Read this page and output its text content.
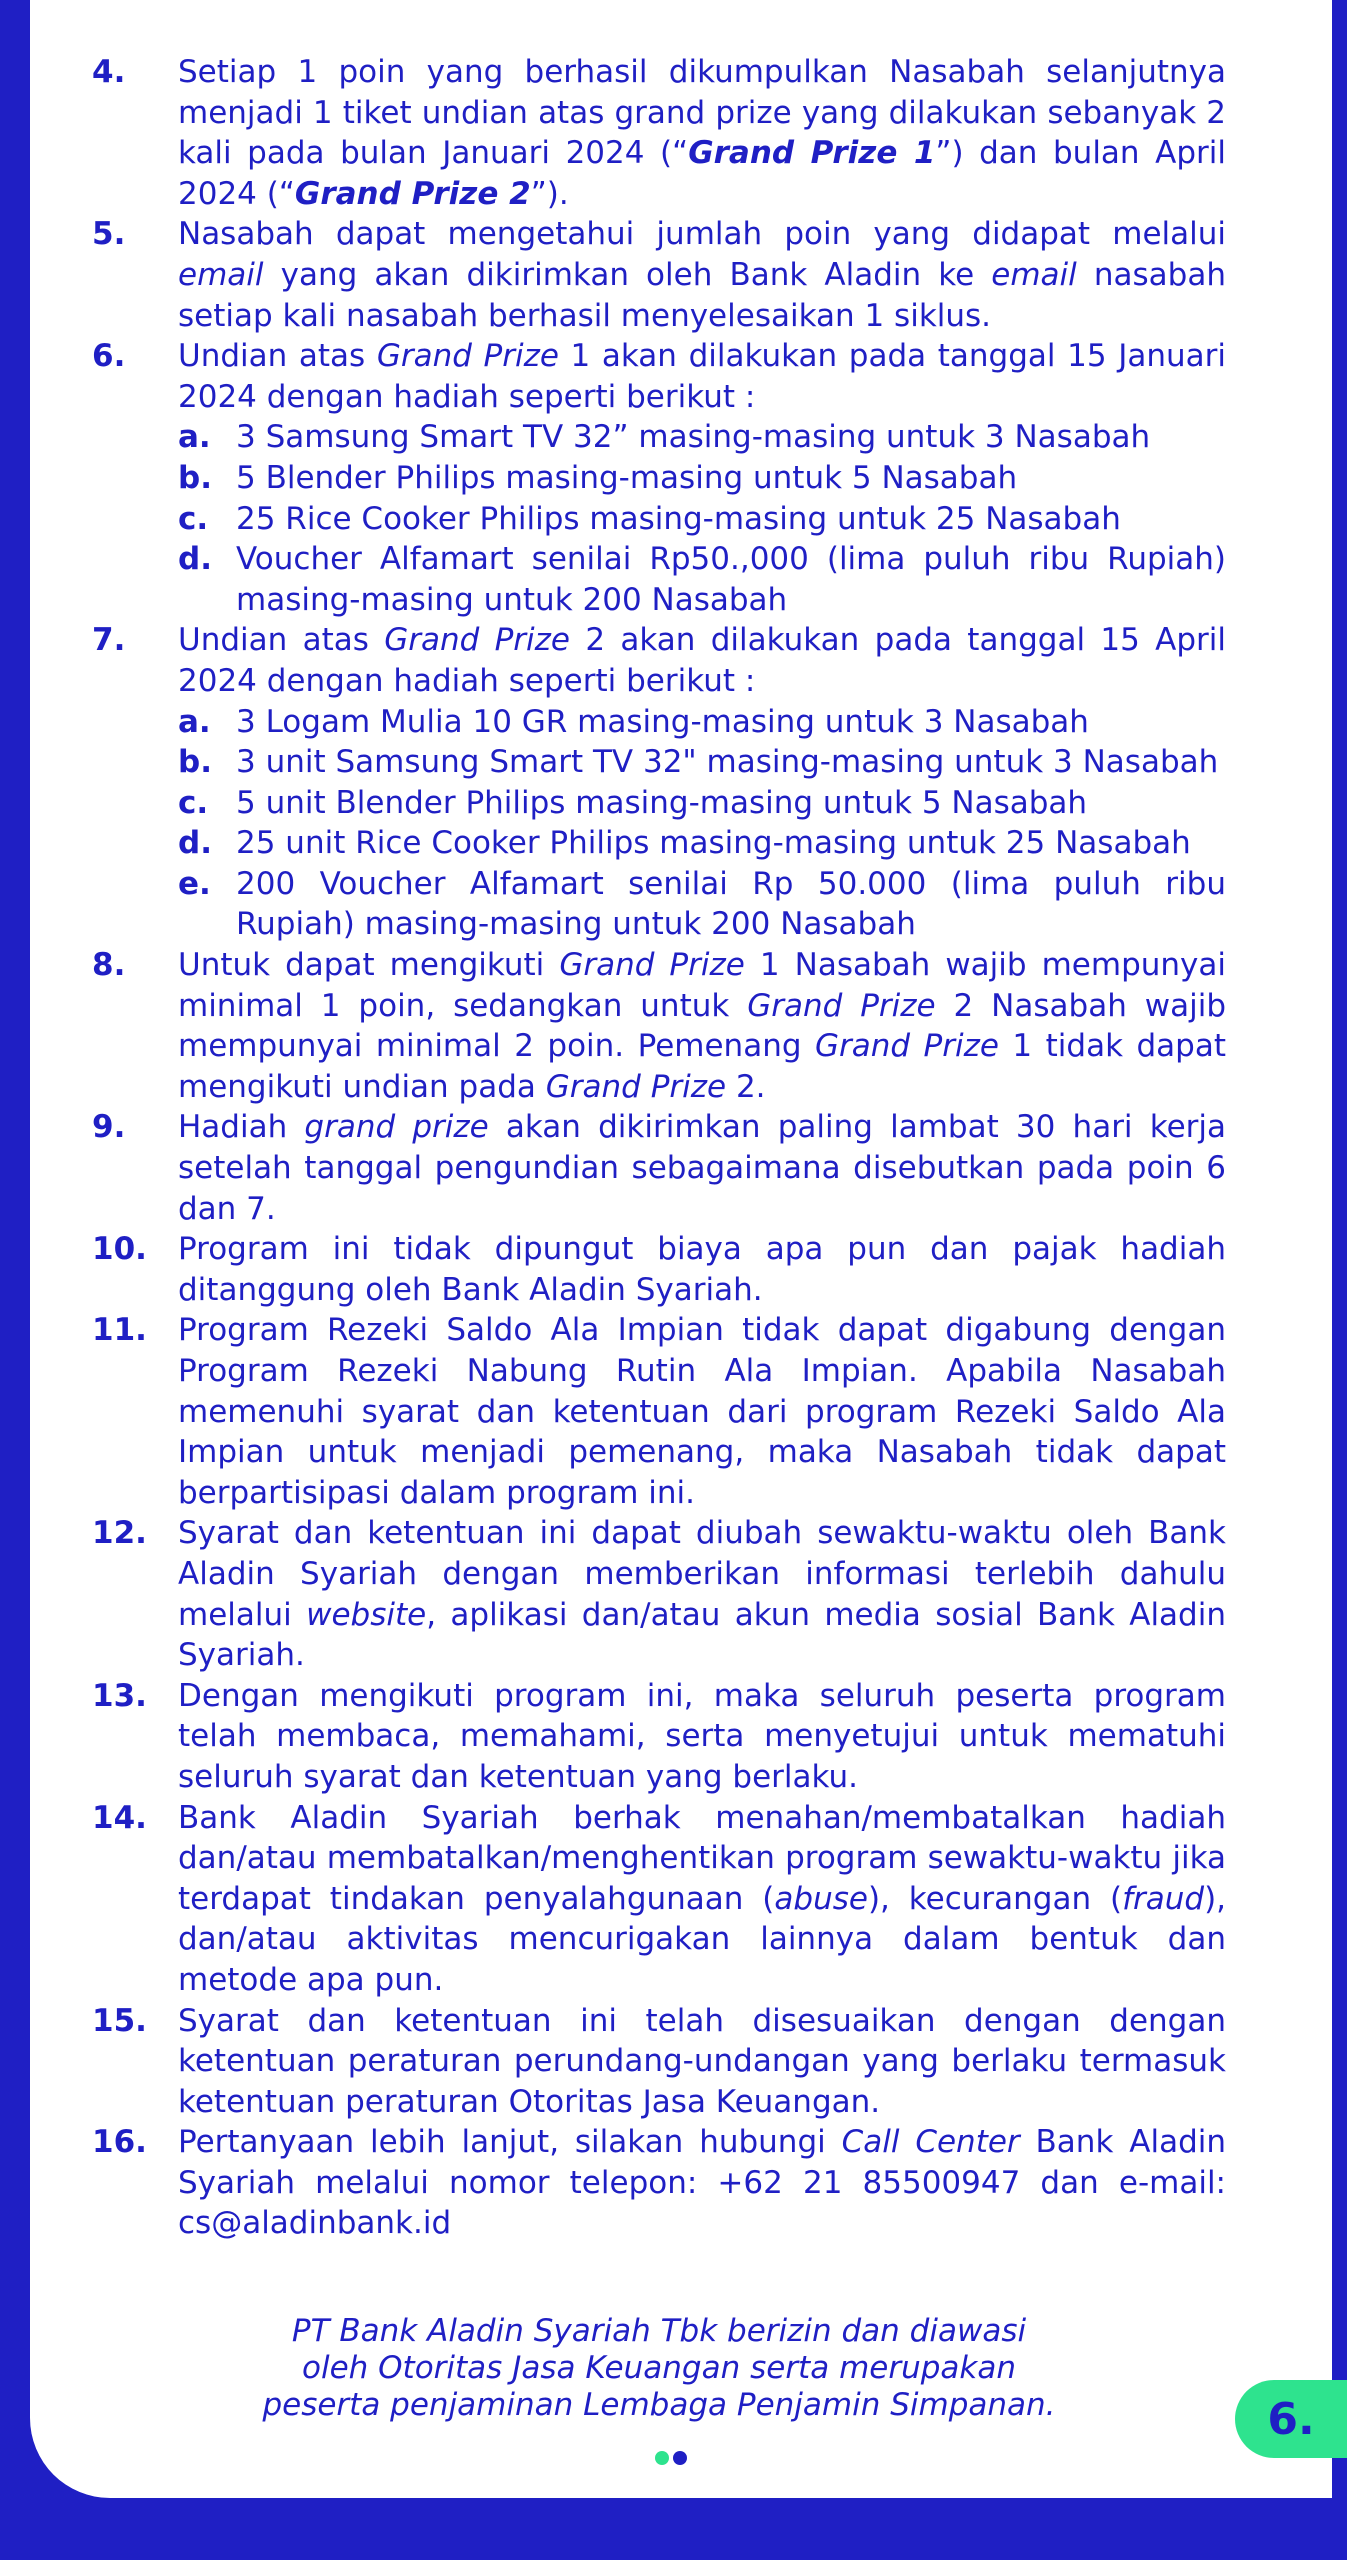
4.	Setiap 1 poin yang berhasil dikumpulkan Nasabah selanjutnya menjadi 1 tiket undian atas grand prize yang dilakukan sebanyak 2 kali pada bulan Januari 2024 (“Grand Prize 1”) dan bulan April 2024 (“Grand Prize 2”).
5.	Nasabah dapat mengetahui jumlah poin yang didapat melalui email yang akan dikirimkan oleh Bank Aladin ke email nasabah setiap kali nasabah berhasil menyelesaikan 1 siklus.
6.	Undian atas Grand Prize 1 akan dilakukan pada tanggal 15 Januari 2024 dengan hadiah seperti berikut :
a. 3 Samsung Smart TV 32” masing-masing untuk 3 Nasabah
b. 5 Blender Philips masing-masing untuk 5 Nasabah
c. 25 Rice Cooker Philips masing-masing untuk 25 Nasabah
d. Voucher Alfamart senilai Rp50.,000 (lima puluh ribu Rupiah) masing-masing untuk 200 Nasabah
7.	Undian atas Grand Prize 2 akan dilakukan pada tanggal 15 April 2024 dengan hadiah seperti berikut :
a. 3 Logam Mulia 10 GR masing-masing untuk 3 Nasabah
b. 3 unit Samsung Smart TV 32" masing-masing untuk 3 Nasabah
c. 5 unit Blender Philips masing-masing untuk 5 Nasabah
d. 25 unit Rice Cooker Philips masing-masing untuk 25 Nasabah
e. 200 Voucher Alfamart senilai Rp 50.000 (lima puluh ribu Rupiah) masing-masing untuk 200 Nasabah
8.	Untuk dapat mengikuti Grand Prize 1 Nasabah wajib mempunyai minimal 1 poin, sedangkan untuk Grand Prize 2 Nasabah wajib mempunyai minimal 2 poin. Pemenang Grand Prize 1 tidak dapat mengikuti undian pada Grand Prize 2.
9.	Hadiah grand prize akan dikirimkan paling lambat 30 hari kerja setelah tanggal pengundian sebagaimana disebutkan pada poin 6 dan 7.
10.	Program ini tidak dipungut biaya apa pun dan pajak hadiah ditanggung oleh Bank Aladin Syariah.
11.	Program Rezeki Saldo Ala Impian tidak dapat digabung dengan Program Rezeki Nabung Rutin Ala Impian. Apabila Nasabah memenuhi syarat dan ketentuan dari program Rezeki Saldo Ala Impian untuk menjadi pemenang, maka Nasabah tidak dapat berpartisipasi dalam program ini.
12.	Syarat dan ketentuan ini dapat diubah sewaktu-waktu oleh Bank Aladin Syariah dengan memberikan informasi terlebih dahulu melalui website, aplikasi dan/atau akun media sosial Bank Aladin Syariah.
13.	Dengan mengikuti program ini, maka seluruh peserta program telah membaca, memahami, serta menyetujui untuk mematuhi seluruh syarat dan ketentuan yang berlaku.
14.	Bank Aladin Syariah berhak menahan/membatalkan hadiah dan/atau membatalkan/menghentikan program sewaktu-waktu jika terdapat tindakan penyalahgunaan (abuse), kecurangan (fraud), dan/atau aktivitas mencurigakan lainnya dalam bentuk dan metode apa pun.
15.	Syarat dan ketentuan ini telah disesuaikan dengan dengan ketentuan peraturan perundang-undangan yang berlaku termasuk ketentuan peraturan Otoritas Jasa Keuangan.
16.	Pertanyaan lebih lanjut, silakan hubungi Call Center Bank Aladin Syariah melalui nomor telepon: +62 21 85500947 dan e-mail: cs@aladinbank.id
PT Bank Aladin Syariah Tbk berizin dan diawasi
oleh Otoritas Jasa Keuangan serta merupakan
peserta penjaminan Lembaga Penjamin Simpanan.	6.
